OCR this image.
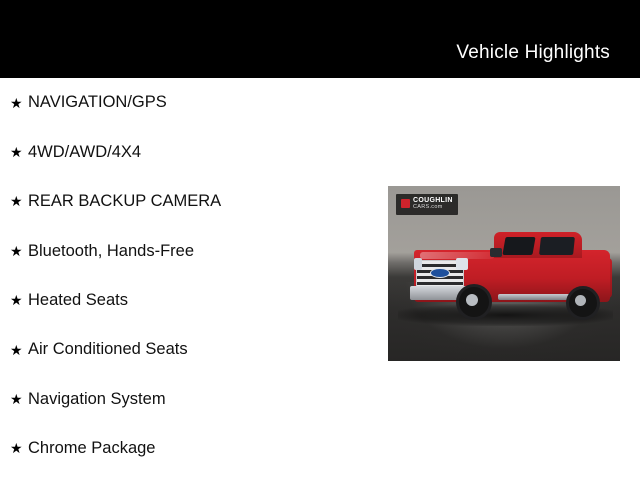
Vehicle Highlights
★ NAVIGATION/GPS
★ 4WD/AWD/4X4
★ REAR BACKUP CAMERA
★ Bluetooth, Hands-Free
★ Heated Seats
★ Air Conditioned Seats
★ Navigation System
★ Chrome Package
COUGHLIN
CARS.com
